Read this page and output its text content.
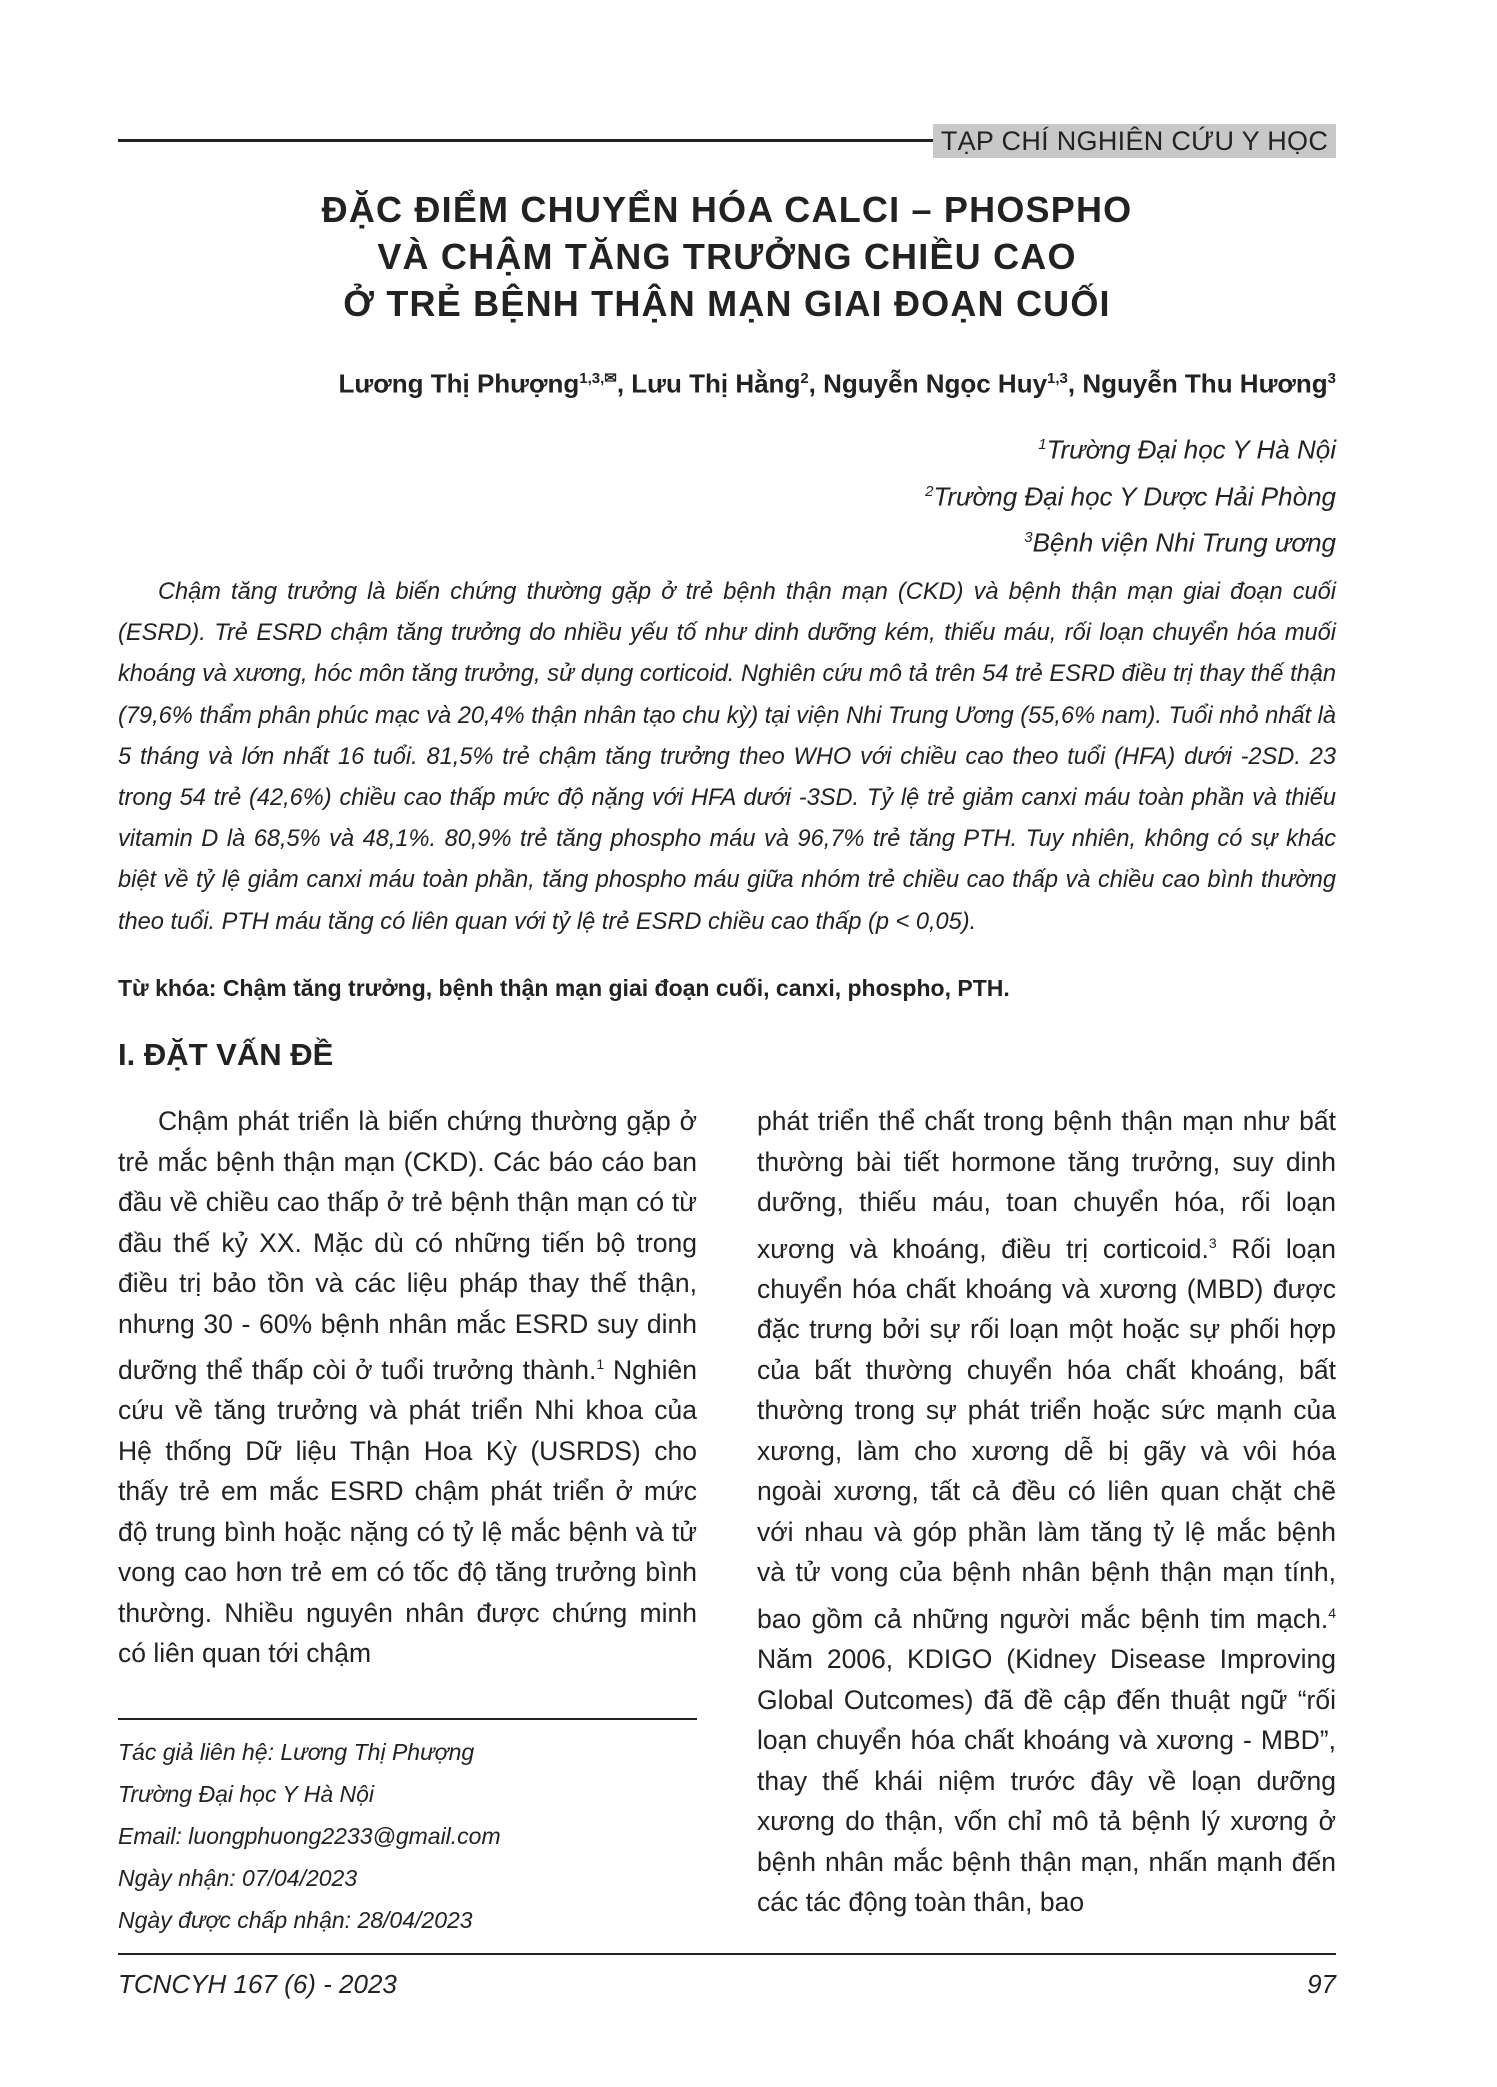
TẠP CHÍ NGHIÊN CỨU Y HỌC
ĐẶC ĐIỂM CHUYỂN HÓA CALCI – PHOSPHO
VÀ CHẬM TĂNG TRƯỞNG CHIỀU CAO
Ở TRẺ BỆNH THẬN MẠN GIAI ĐOẠN CUỐI
Lương Thị Phượng$^{1,3,✉}$, Lưu Thị Hằng$^2$, Nguyễn Ngọc Huy$^{1,3}$, Nguyễn Thu Hương$^3$
$^1$Trường Đại học Y Hà Nội
$^2$Trường Đại học Y Dược Hải Phòng
$^3$Bệnh viện Nhi Trung ương

Chậm tăng trưởng là biến chứng thường gặp ở trẻ bệnh thận mạn (CKD) và bệnh thận mạn giai đoạn cuối (ESRD). Trẻ ESRD chậm tăng trưởng do nhiều yếu tố như dinh dưỡng kém, thiếu máu, rối loạn chuyển hóa muối khoáng và xương, hóc môn tăng trưởng, sử dụng corticoid. Nghiên cứu mô tả trên 54 trẻ ESRD điều trị thay thế thận (79,6% thẩm phân phúc mạc và 20,4% thận nhân tạo chu kỳ) tại viện Nhi Trung Ương (55,6% nam). Tuổi nhỏ nhất là 5 tháng và lớn nhất 16 tuổi. 81,5% trẻ chậm tăng trưởng theo WHO với chiều cao theo tuổi (HFA) dưới -2SD. 23 trong 54 trẻ (42,6%) chiều cao thấp mức độ nặng với HFA dưới -3SD. Tỷ lệ trẻ giảm canxi máu toàn phần và thiếu vitamin D là 68,5% và 48,1%. 80,9% trẻ tăng phospho máu và 96,7% trẻ tăng PTH. Tuy nhiên, không có sự khác biệt về tỷ lệ giảm canxi máu toàn phần, tăng phospho máu giữa nhóm trẻ chiều cao thấp và chiều cao bình thường theo tuổi. PTH máu tăng có liên quan với tỷ lệ trẻ ESRD chiều cao thấp (p < 0,05).

Từ khóa: Chậm tăng trưởng, bệnh thận mạn giai đoạn cuối, canxi, phospho, PTH.
I. ĐẶT VẤN ĐỀ
Chậm phát triển là biến chứng thường gặp ở trẻ mắc bệnh thận mạn (CKD). Các báo cáo ban đầu về chiều cao thấp ở trẻ bệnh thận mạn có từ đầu thế kỷ XX. Mặc dù có những tiến bộ trong điều trị bảo tồn và các liệu pháp thay thế thận, nhưng 30 - 60% bệnh nhân mắc ESRD suy dinh dưỡng thể thấp còi ở tuổi trưởng thành.$^1$ Nghiên cứu về tăng trưởng và phát triển Nhi khoa của Hệ thống Dữ liệu Thận Hoa Kỳ (USRDS) cho thấy trẻ em mắc ESRD chậm phát triển ở mức độ trung bình hoặc nặng có tỷ lệ mắc bệnh và tử vong cao hơn trẻ em có tốc độ tăng trưởng bình thường. Nhiều nguyên nhân được chứng minh có liên quan tới chậm
phát triển thể chất trong bệnh thận mạn như bất thường bài tiết hormone tăng trưởng, suy dinh dưỡng, thiếu máu, toan chuyển hóa, rối loạn xương và khoáng, điều trị corticoid.$^3$ Rối loạn chuyển hóa chất khoáng và xương (MBD) được đặc trưng bởi sự rối loạn một hoặc sự phối hợp của bất thường chuyển hóa chất khoáng, bất thường trong sự phát triển hoặc sức mạnh của xương, làm cho xương dễ bị gãy và vôi hóa ngoài xương, tất cả đều có liên quan chặt chẽ với nhau và góp phần làm tăng tỷ lệ mắc bệnh và tử vong của bệnh nhân bệnh thận mạn tính, bao gồm cả những người mắc bệnh tim mạch.$^4$ Năm 2006, KDIGO (Kidney Disease Improving Global Outcomes) đã đề cập đến thuật ngữ “rối loạn chuyển hóa chất khoáng và xương - MBD”, thay thế khái niệm trước đây về loạn dưỡng xương do thận, vốn chỉ mô tả bệnh lý xương ở bệnh nhân mắc bệnh thận mạn, nhấn mạnh đến các tác động toàn thân, bao
Tác giả liên hệ: Lương Thị Phượng
Trường Đại học Y Hà Nội
Email: luongphuong2233@gmail.com
Ngày nhận: 07/04/2023
Ngày được chấp nhận: 28/04/2023
TCNCYH 167 (6) - 2023	97
